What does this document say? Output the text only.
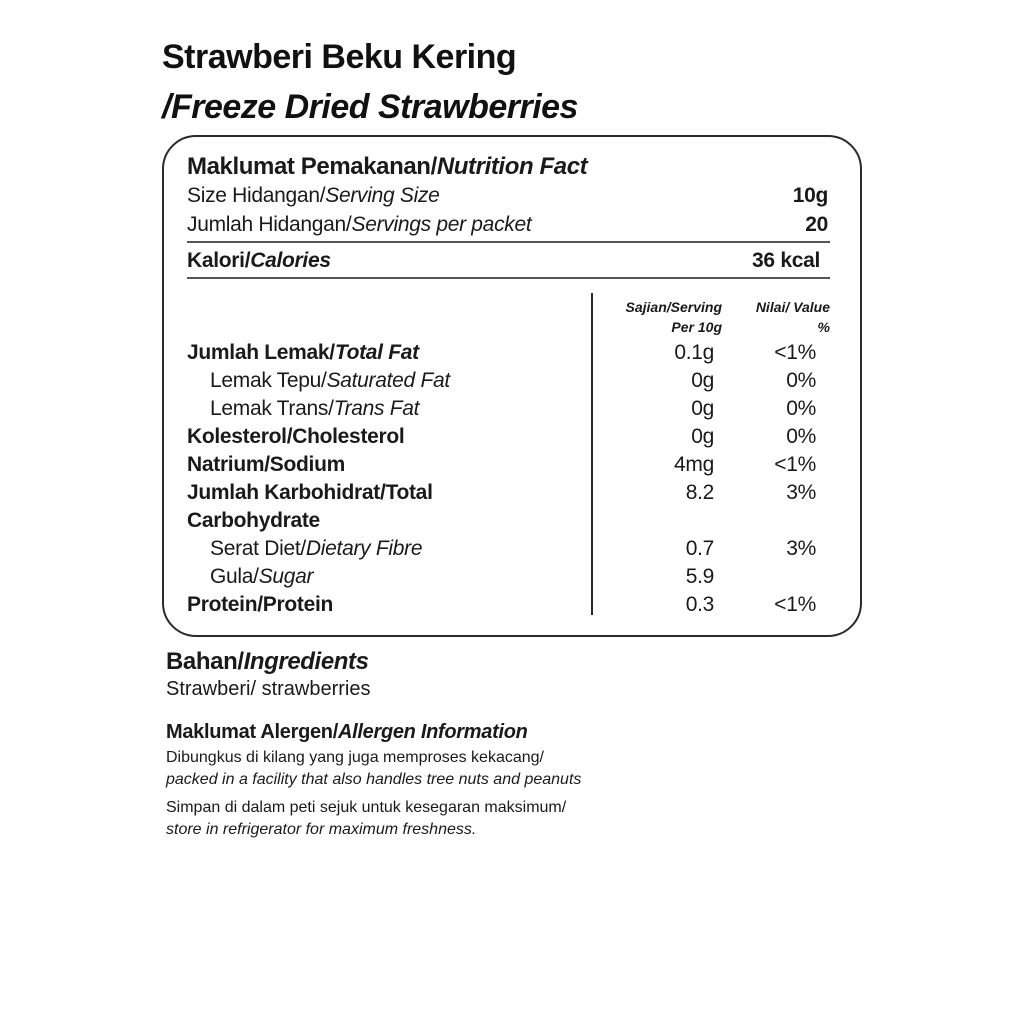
Strawberi Beku Kering
/Freeze Dried Strawberries
Maklumat Pemakanan/Nutrition Fact
Size Hidangan/Serving Size	10g
Jumlah Hidangan/Servings per packet	20
Kalori/Calories	36 kcal
Sajian/Serving
Per 10g
Nilai/ Value
%
Jumlah Lemak/Total Fat	0.1g	<1%
Lemak Tepu/Saturated Fat	0g	0%
Lemak Trans/Trans Fat	0g	0%
Kolesterol/Cholesterol	0g	0%
Natrium/Sodium	4mg	<1%
Jumlah Karbohidrat/Total	8.2	3%
Carbohydrate
Serat Diet/Dietary Fibre	0.7	3%
Gula/Sugar	5.9
Protein/Protein	0.3	<1%
Bahan/Ingredients
Strawberi/ strawberries
Maklumat Alergen/Allergen Information
Dibungkus di kilang yang juga memproses kekacang/
packed in a facility that also handles tree nuts and peanuts
Simpan di dalam peti sejuk untuk kesegaran maksimum/
store in refrigerator for maximum freshness.
